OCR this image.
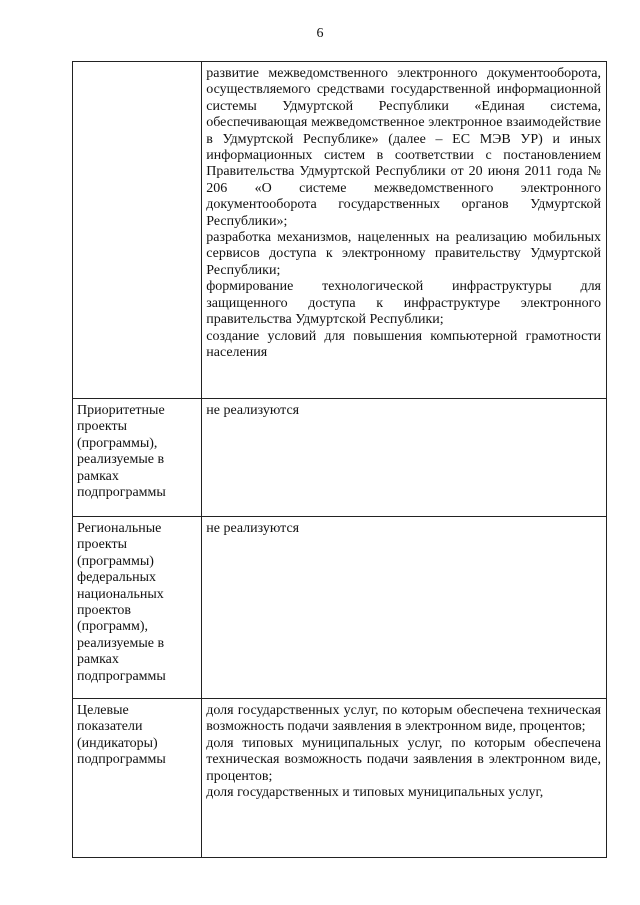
6

	развитие межведомственного электронного документооборота, осуществляемого средствами государственной информационной системы Удмуртской Республики «Единая система, обеспечивающая межведомственное электронное взаимодействие в Удмуртской Республике» (далее – ЕС МЭВ УР) и иных информационных систем в соответствии с постановлением Правительства Удмуртской Республики от 20 июня 2011 года № 206 «О системе межведомственного электронного документооборота государственных органов Удмуртской Республики»;

разработка механизмов, нацеленных на реализацию мобильных сервисов доступа к электронному правительству Удмуртской Республики;

формирование технологической инфраструктуры для защищенного доступа к инфраструктуре электронного правительства Удмуртской Республики;

создание условий для повышения компьютерной грамотности населения

Приоритетные проекты (программы), реализуемые в рамках подпрограммы	не реализуются

Региональные проекты (программы) федеральных национальных проектов (программ), реализуемые в рамках подпрограммы	не реализуются

Целевые показатели (индикаторы) подпрограммы	доля государственных услуг, по которым обеспечена техническая возможность подачи заявления в электронном виде, процентов;

доля типовых муниципальных услуг, по которым обеспечена техническая возможность подачи заявления в электронном виде, процентов;

доля государственных и типовых муниципальных услуг,
